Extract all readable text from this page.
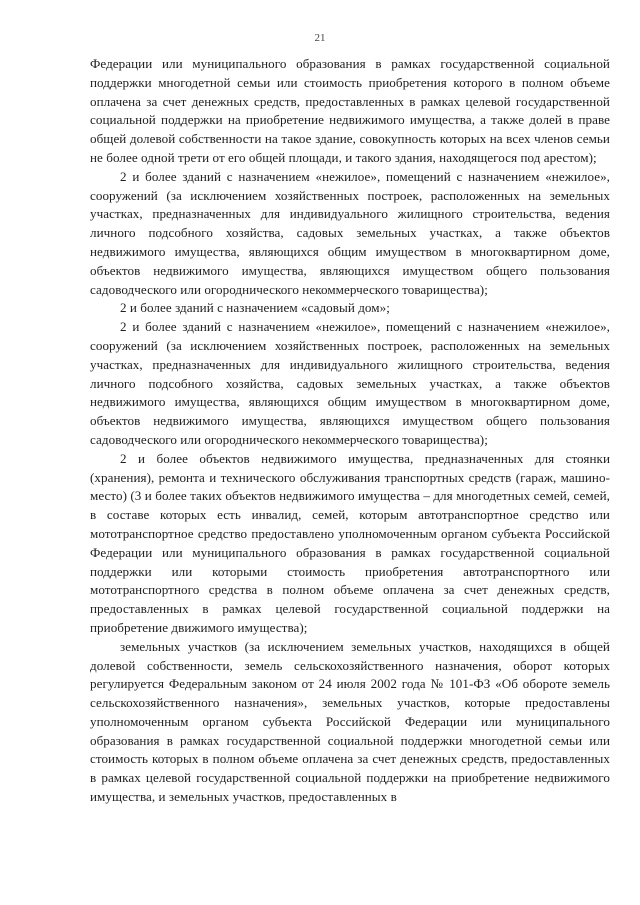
21

Федерации или муниципального образования в рамках государственной социальной поддержки многодетной семьи или стоимость приобретения которого в полном объеме оплачена за счет денежных средств, предоставленных в рамках целевой государственной социальной поддержки на приобретение недвижимого имущества, а также долей в праве общей долевой собственности на такое здание, совокупность которых на всех членов семьи не более одной трети от его общей площади, и такого здания, находящегося под арестом);

2 и более зданий с назначением «нежилое», помещений с назначением «нежилое», сооружений (за исключением хозяйственных построек, расположенных на земельных участках, предназначенных для индивидуального жилищного строительства, ведения личного подсобного хозяйства, садовых земельных участках, а также объектов недвижимого имущества, являющихся общим имуществом в многоквартирном доме, объектов недвижимого имущества, являющихся имуществом общего пользования садоводческого или огороднического некоммерческого товарищества);

2 и более зданий с назначением «садовый дом»;

2 и более зданий с назначением «нежилое», помещений с назначением «нежилое», сооружений (за исключением хозяйственных построек, расположенных на земельных участках, предназначенных для индивидуального жилищного строительства, ведения личного подсобного хозяйства, садовых земельных участках, а также объектов недвижимого имущества, являющихся общим имуществом в многоквартирном доме, объектов недвижимого имущества, являющихся имуществом общего пользования садоводческого или огороднического некоммерческого товарищества);

2 и более объектов недвижимого имущества, предназначенных для стоянки (хранения), ремонта и технического обслуживания транспортных средств (гараж, машино-место) (3 и более таких объектов недвижимого имущества – для многодетных семей, семей, в составе которых есть инвалид, семей, которым автотранспортное средство или мототранспортное средство предоставлено уполномоченным органом субъекта Российской Федерации или муниципального образования в рамках государственной социальной поддержки или которыми стоимость приобретения автотранспортного или мототранспортного средства в полном объеме оплачена за счет денежных средств, предоставленных в рамках целевой государственной социальной поддержки на приобретение движимого имущества);

земельных участков (за исключением земельных участков, находящихся в общей долевой собственности, земель сельскохозяйственного назначения, оборот которых регулируется Федеральным законом от 24 июля 2002 года № 101-ФЗ «Об обороте земель сельскохозяйственного назначения», земельных участков, которые предоставлены уполномоченным органом субъекта Российской Федерации или муниципального образования в рамках государственной социальной поддержки многодетной семьи или стоимость которых в полном объеме оплачена за счет денежных средств, предоставленных в рамках целевой государственной социальной поддержки на приобретение недвижимого имущества, и земельных участков, предоставленных в
